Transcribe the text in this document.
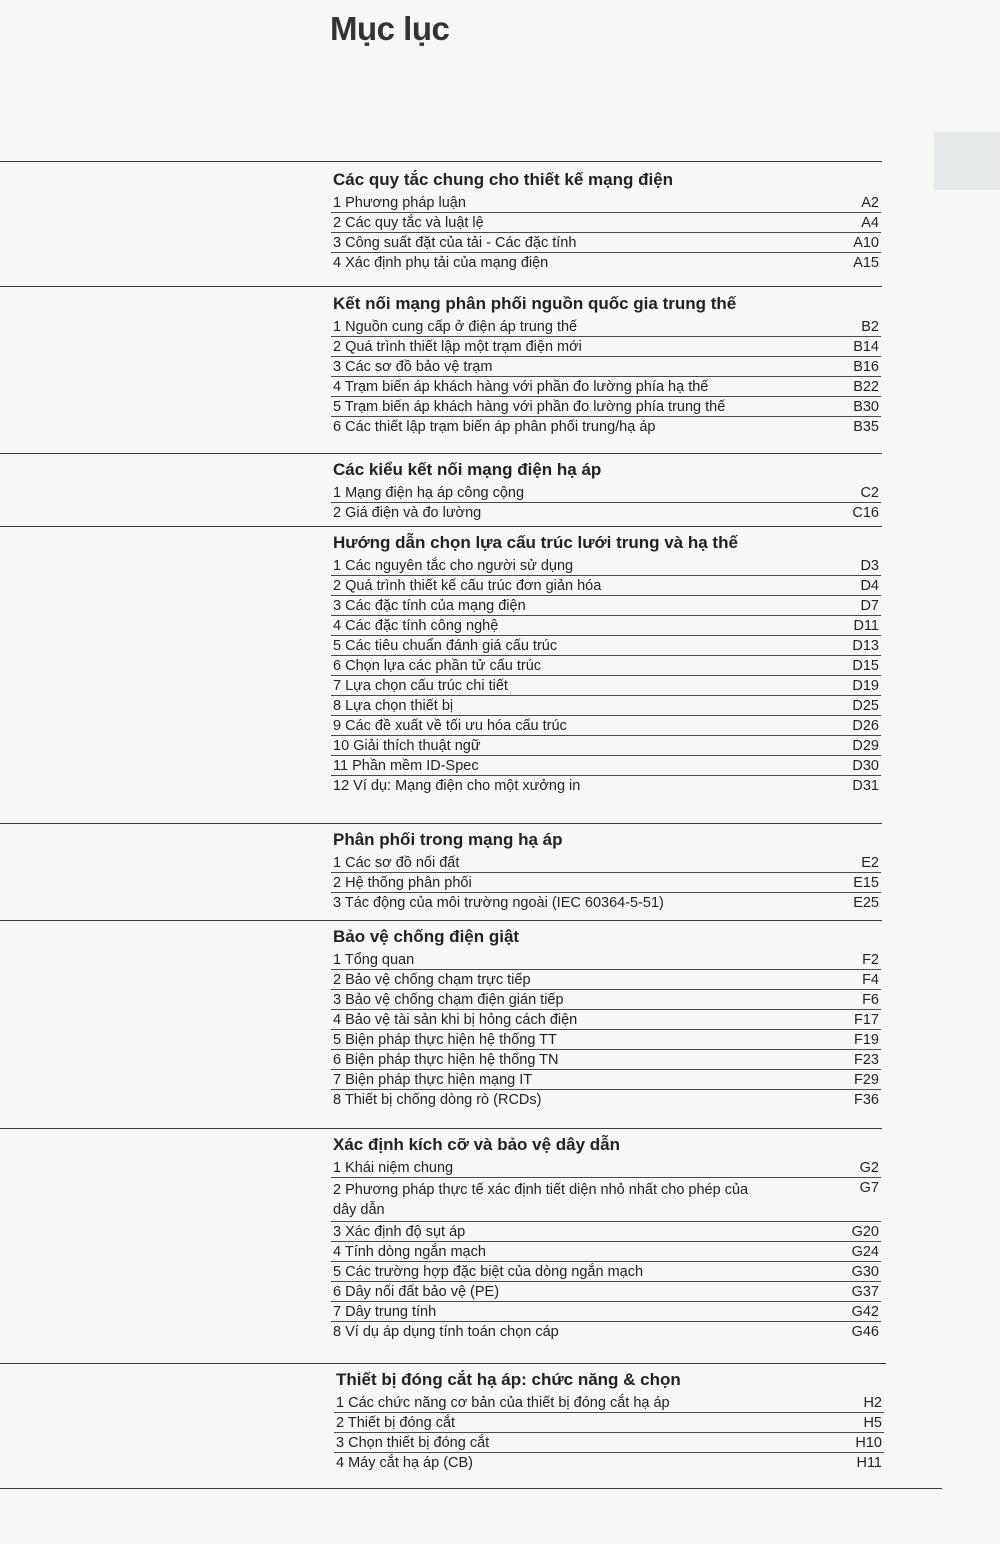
Mục lục
Các quy tắc chung cho thiết kế mạng điện
1 Phương pháp luận	A2
2 Các quy tắc và luật lệ	A4
3 Công suất đặt của tải - Các đặc tính	A10
4 Xác định phụ tải của mạng điện	A15
Kết nối mạng phân phối nguồn quốc gia trung thế
1 Nguồn cung cấp ở điện áp trung thế	B2
2 Quá trình thiết lập một trạm điện mới	B14
3 Các sơ đồ bảo vệ trạm	B16
4 Trạm biến áp khách hàng với phần đo lường phía hạ thế	B22
5 Trạm biến áp khách hàng với phần đo lường phía trung thế	B30
6 Các thiết lập trạm biến áp phân phối trung/hạ áp	B35
Các kiểu kết nối mạng điện hạ áp
1 Mạng điện hạ áp công cộng	C2
2 Giá điện và đo lường	C16
Hướng dẫn chọn lựa cấu trúc lưới trung và hạ thế
1 Các nguyên tắc cho người sử dụng	D3
2 Quá trình thiết kế cấu trúc đơn giản hóa	D4
3 Các đặc tính của mạng điện	D7
4 Các đặc tính công nghệ	D11
5 Các tiêu chuẩn đánh giá cấu trúc	D13
6 Chọn lựa các phần tử cấu trúc	D15
7 Lựa chọn cấu trúc chi tiết	D19
8 Lựa chọn thiết bị	D25
9 Các đề xuất về tối ưu hóa cấu trúc	D26
10 Giải thích thuật ngữ	D29
11 Phần mềm ID-Spec	D30
12 Ví dụ: Mạng điện cho một xưởng in	D31
Phân phối trong mạng hạ áp
1 Các sơ đồ nối đất	E2
2 Hệ thống phân phối	E15
3 Tác động của môi trường ngoài (IEC 60364-5-51)	E25
Bảo vệ chống điện giật
1 Tổng quan	F2
2 Bảo vệ chống chạm trực tiếp	F4
3 Bảo vệ chống chạm điện gián tiếp	F6
4 Bảo vệ tài sản khi bị hỏng cách điện	F17
5 Biện pháp thực hiện hệ thống TT	F19
6 Biện pháp thực hiện hệ thống TN	F23
7 Biện pháp thực hiện mạng IT	F29
8 Thiết bị chống dòng rò (RCDs)	F36
Xác định kích cỡ và bảo vệ dây dẫn
1 Khái niệm chung	G2
2 Phương pháp thực tế xác định tiết diện nhỏ nhất cho phép của dây dẫn
G7
3 Xác định độ sụt áp	G20
4 Tính dòng ngắn mạch	G24
5 Các trường hợp đặc biệt của dòng ngắn mạch	G30
6 Dây nối đất bảo vệ (PE)	G37
7 Dây trung tính	G42
8 Ví dụ áp dụng tính toán chọn cáp	G46
Thiết bị đóng cắt hạ áp: chức năng & chọn
1 Các chức năng cơ bản của thiết bị đóng cắt hạ áp	H2
2 Thiết bị đóng cắt	H5
3 Chọn thiết bị đóng cắt	H10
4 Máy cắt hạ áp (CB)	H11
